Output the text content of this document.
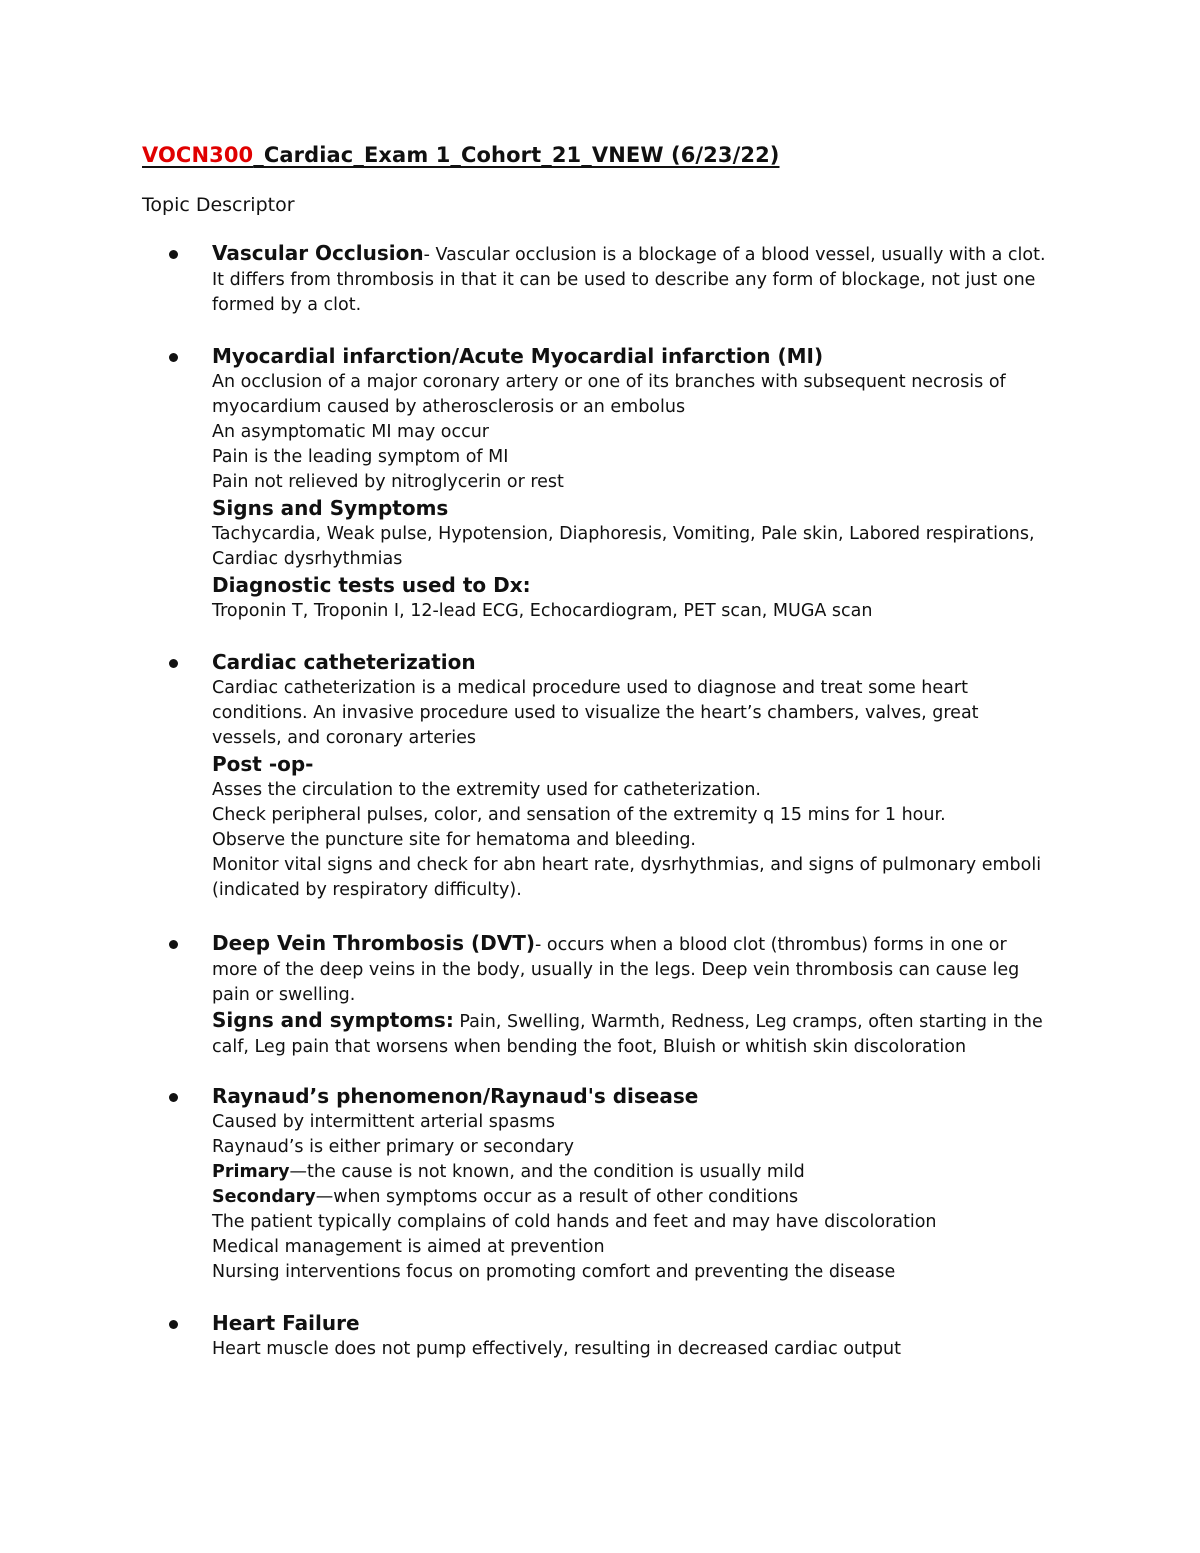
VOCN300_Cardiac_Exam 1_Cohort_21_VNEW (6/23/22)
Topic Descriptor
Vascular Occlusion- Vascular occlusion is a blockage of a blood vessel, usually with a clot.
It differs from thrombosis in that it can be used to describe any form of blockage, not just one
formed by a clot.
Myocardial infarction/Acute Myocardial infarction (MI)
An occlusion of a major coronary artery or one of its branches with subsequent necrosis of
myocardium caused by atherosclerosis or an embolus
An asymptomatic MI may occur
Pain is the leading symptom of MI
Pain not relieved by nitroglycerin or rest
Signs and Symptoms
Tachycardia, Weak pulse, Hypotension, Diaphoresis, Vomiting, Pale skin, Labored respirations,
Cardiac dysrhythmias
Diagnostic tests used to Dx:
Troponin T, Troponin I, 12-lead ECG, Echocardiogram, PET scan, MUGA scan
Cardiac catheterization
Cardiac catheterization is a medical procedure used to diagnose and treat some heart
conditions. An invasive procedure used to visualize the heart’s chambers, valves, great
vessels, and coronary arteries
Post -op-
Asses the circulation to the extremity used for catheterization.
Check peripheral pulses, color, and sensation of the extremity q 15 mins for 1 hour.
Observe the puncture site for hematoma and bleeding.
Monitor vital signs and check for abn heart rate, dysrhythmias, and signs of pulmonary emboli
(indicated by respiratory difficulty).
Deep Vein Thrombosis (DVT)- occurs when a blood clot (thrombus) forms in one or
more of the deep veins in the body, usually in the legs. Deep vein thrombosis can cause leg
pain or swelling.
Signs and symptoms: Pain, Swelling, Warmth, Redness, Leg cramps, often starting in the
calf, Leg pain that worsens when bending the foot, Bluish or whitish skin discoloration
Raynaud’s phenomenon/Raynaud's disease
Caused by intermittent arterial spasms
Raynaud’s is either primary or secondary
Primary—the cause is not known, and the condition is usually mild
Secondary—when symptoms occur as a result of other conditions
The patient typically complains of cold hands and feet and may have discoloration
Medical management is aimed at prevention
Nursing interventions focus on promoting comfort and preventing the disease
Heart Failure
Heart muscle does not pump effectively, resulting in decreased cardiac output
